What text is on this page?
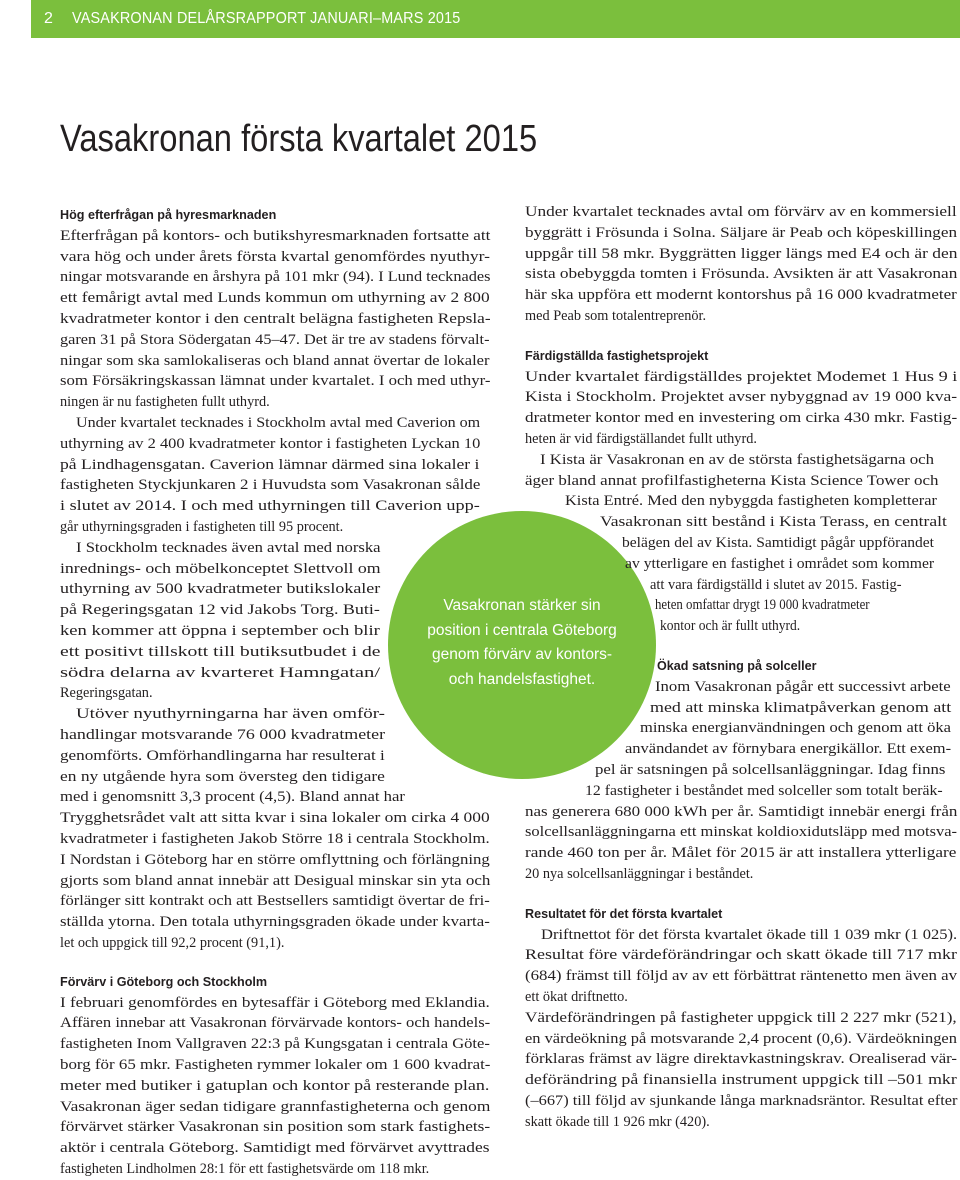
2	VASAKRONAN DELÅRSRAPPORT JANUARI–MARS 2015
Vasakronan första kvartalet 2015
Vasakronan stärker sin
position i centrala Göteborg
genom förvärv av kontors-
och handelsfastighet.
Hög efterfrågan på hyresmarknaden
Efterfrågan på kontors- och butikshyresmarknaden fortsatte att
vara hög och under årets första kvartal genomfördes nyuthyr-
ningar motsvarande en årshyra på 101 mkr (94). I Lund tecknades
ett femårigt avtal med Lunds kommun om uthyrning av 2 800
kvadratmeter kontor i den centralt belägna fastigheten Repsla-
garen 31 på Stora Södergatan 45–47. Det är tre av stadens förvalt-
ningar som ska samlokaliseras och bland annat övertar de lokaler
som Försäkringskassan lämnat under kvartalet. I och med uthyr-
ningen är nu fastigheten fullt uthyrd.
Under kvartalet tecknades i Stockholm avtal med Caverion om
uthyrning av 2 400 kvadratmeter kontor i fastigheten Lyckan 10
på Lindhagensgatan. Caverion lämnar därmed sina lokaler i
fastigheten Styckjunkaren 2 i Huvudsta som Vasakronan sålde
i slutet av 2014. I och med uthyrningen till Caverion upp-
går uthyrningsgraden i fastigheten till 95 procent.
I Stockholm tecknades även avtal med norska
inrednings- och möbelkonceptet Slettvoll om
uthyrning av 500 kvadratmeter butikslokaler
på Regeringsgatan 12 vid Jakobs Torg. Buti-
ken kommer att öppna i september och blir
ett positivt tillskott till butiksutbudet i de
södra delarna av kvarteret Hamngatan/
Regeringsgatan.
Utöver nyuthyrningarna har även omför-
handlingar motsvarande 76 000 kvadratmeter
genomförts. Omförhandlingarna har resulterat i
en ny utgående hyra som översteg den tidigare
med i genomsnitt 3,3 procent (4,5). Bland annat har
Trygghetsrådet valt att sitta kvar i sina lokaler om cirka 4 000
kvadratmeter i fastigheten Jakob Större 18 i centrala Stockholm.
I Nordstan i Göteborg har en större omflyttning och förlängning
gjorts som bland annat innebär att Desigual minskar sin yta och
förlänger sitt kontrakt och att Bestsellers samtidigt övertar de fri-
ställda ytorna. Den totala uthyrningsgraden ökade under kvarta-
let och uppgick till 92,2 procent (91,1).
Förvärv i Göteborg och Stockholm
I februari genomfördes en bytesaffär i Göteborg med Eklandia.
Affären innebar att Vasakronan förvärvade kontors- och handels-
fastigheten Inom Vallgraven 22:3 på Kungsgatan i centrala Göte-
borg för 65 mkr. Fastigheten rymmer lokaler om 1 600 kvadrat-
meter med butiker i gatuplan och kontor på resterande plan.
Vasakronan äger sedan tidigare grannfastigheterna och genom
förvärvet stärker Vasakronan sin position som stark fastighets-
aktör i centrala Göteborg. Samtidigt med förvärvet avyttrades
fastigheten Lindholmen 28:1 för ett fastighetsvärde om 118 mkr.
Under kvartalet tecknades avtal om förvärv av en kommersiell
byggrätt i Frösunda i Solna. Säljare är Peab och köpeskillingen
uppgår till 58 mkr. Byggrätten ligger längs med E4 och är den
sista obebyggda tomten i Frösunda. Avsikten är att Vasakronan
här ska uppföra ett modernt kontorshus på 16 000 kvadratmeter
med Peab som totalentreprenör.
Färdigställda fastighetsprojekt
Under kvartalet färdigställdes projektet Modemet 1 Hus 9 i
Kista i Stockholm. Projektet avser nybyggnad av 19 000 kva-
dratmeter kontor med en investering om cirka 430 mkr. Fastig-
heten är vid färdigställandet fullt uthyrd.
I Kista är Vasakronan en av de största fastighetsägarna och
äger bland annat profilfastigheterna Kista Science Tower och
Kista Entré. Med den nybyggda fastigheten kompletterar
Vasakronan sitt bestånd i Kista Terass, en centralt
belägen del av Kista. Samtidigt pågår uppförandet
av ytterligare en fastighet i området som kommer
att vara färdigställd i slutet av 2015. Fastig-
heten omfattar drygt 19 000 kvadratmeter
kontor och är fullt uthyrd.
Ökad satsning på solceller
Inom Vasakronan pågår ett successivt arbete
med att minska klimatpåverkan genom att
minska energianvändningen och genom att öka
användandet av förnybara energikällor. Ett exem-
pel är satsningen på solcellsanläggningar. Idag finns
12 fastigheter i beståndet med solceller som totalt beräk-
nas generera 680 000 kWh per år. Samtidigt innebär energi från
solcellsanläggningarna ett minskat koldioxidutsläpp med motsva-
rande 460 ton per år. Målet för 2015 är att installera ytterligare
20 nya solcellsanläggningar i beståndet.
Resultatet för det första kvartalet
Driftnettot för det första kvartalet ökade till 1 039 mkr (1 025).
Resultat före värdeförändringar och skatt ökade till 717 mkr
(684) främst till följd av av ett förbättrat räntenetto men även av
ett ökat driftnetto.
Värdeförändringen på fastigheter uppgick till 2 227 mkr (521),
en värdeökning på motsvarande 2,4 procent (0,6). Värdeökningen
förklaras främst av lägre direktavkastningskrav. Orealiserad vär-
deförändring på finansiella instrument uppgick till –501 mkr
(–667) till följd av sjunkande långa marknadsräntor. Resultat efter
skatt ökade till 1 926 mkr (420).
